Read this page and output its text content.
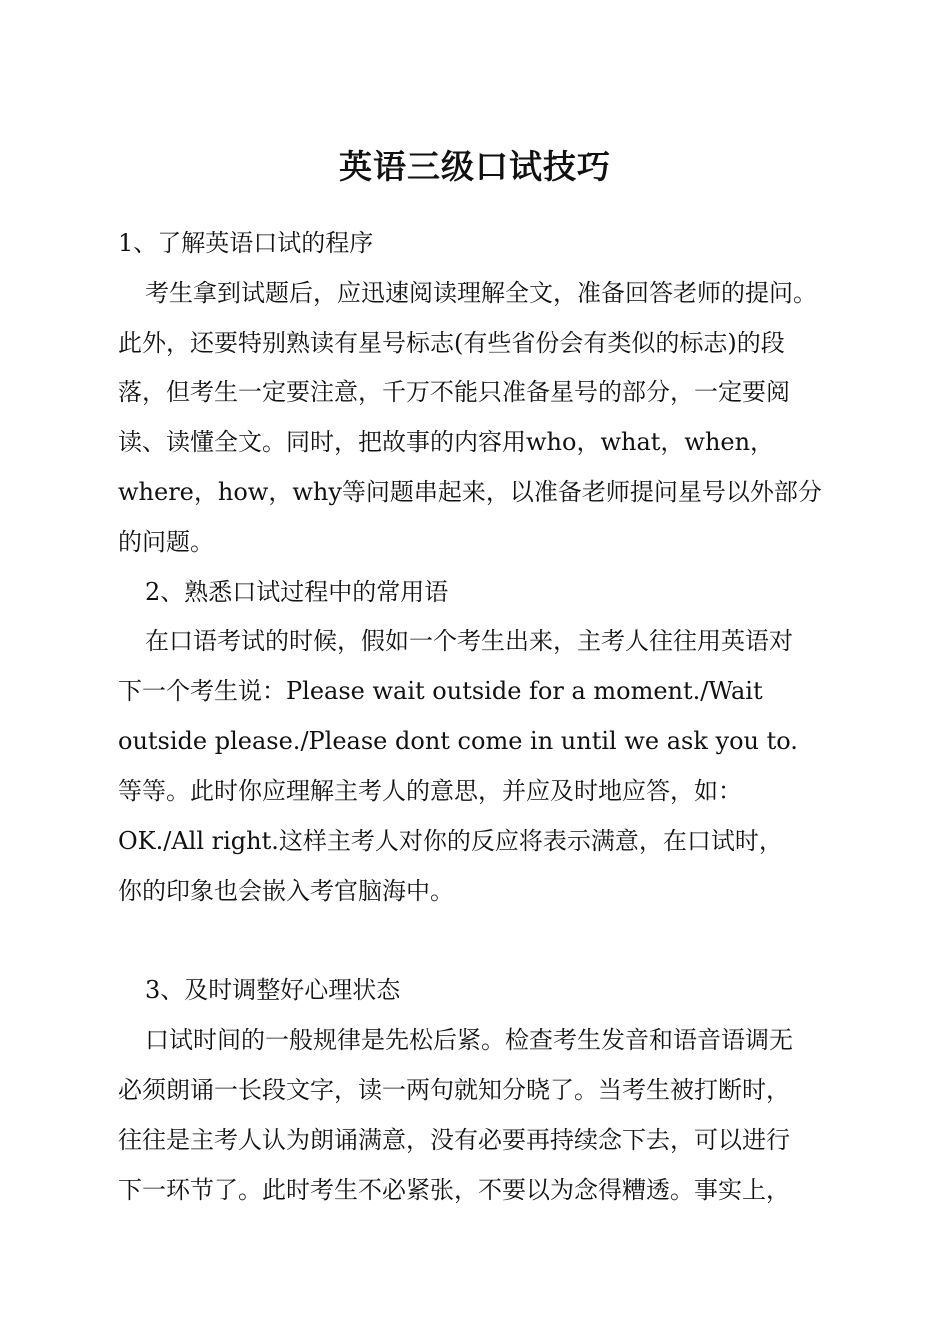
英语三级口试技巧
1、了解英语口试的程序
考生拿到试题后，应迅速阅读理解全文，准备回答老师的提问。
此外，还要特别熟读有星号标志(有些省份会有类似的标志)的段
落，但考生一定要注意，千万不能只准备星号的部分，一定要阅
读、读懂全文。同时，把故事的内容用who，what，when，
where，how，why等问题串起来，以准备老师提问星号以外部分
的问题。
2、熟悉口试过程中的常用语
在口语考试的时候，假如一个考生出来，主考人往往用英语对
下一个考生说：Please wait outside for a moment./Wait
outside please./Please dont come in until we ask you to.
等等。此时你应理解主考人的意思，并应及时地应答，如：
OK./All right.这样主考人对你的反应将表示满意，在口试时，
你的印象也会嵌入考官脑海中。
3、及时调整好心理状态
口试时间的一般规律是先松后紧。检查考生发音和语音语调无
必须朗诵一长段文字，读一两句就知分晓了。当考生被打断时，
往往是主考人认为朗诵满意，没有必要再持续念下去，可以进行
下一环节了。此时考生不必紧张，不要以为念得糟透。事实上，
